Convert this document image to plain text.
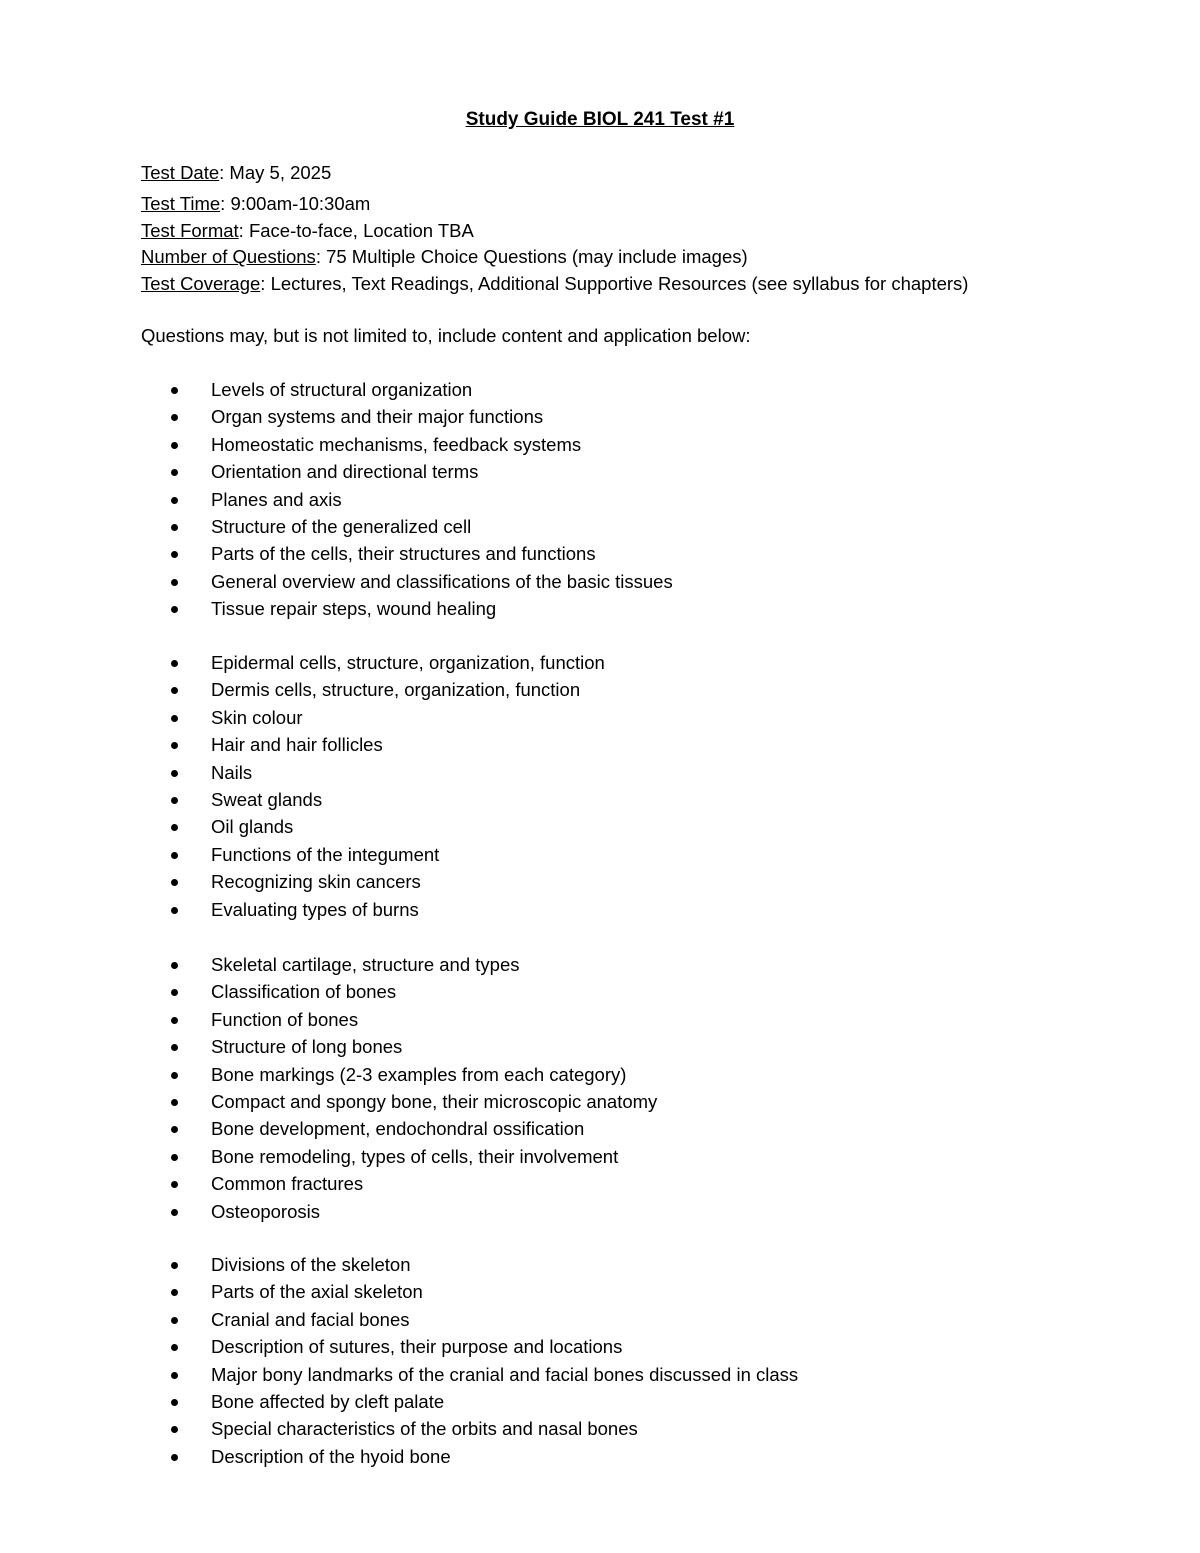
Study Guide BIOL 241 Test #1
Test Date: May 5, 2025
Test Time: 9:00am-10:30am
Test Format: Face-to-face, Location TBA
Number of Questions: 75 Multiple Choice Questions (may include images)
Test Coverage: Lectures, Text Readings, Additional Supportive Resources (see syllabus for chapters)
Questions may, but is not limited to, include content and application below:
Levels of structural organization
Organ systems and their major functions
Homeostatic mechanisms, feedback systems
Orientation and directional terms
Planes and axis
Structure of the generalized cell
Parts of the cells, their structures and functions
General overview and classifications of the basic tissues
Tissue repair steps, wound healing
Epidermal cells, structure, organization, function
Dermis cells, structure, organization, function
Skin colour
Hair and hair follicles
Nails
Sweat glands
Oil glands
Functions of the integument
Recognizing skin cancers
Evaluating types of burns
Skeletal cartilage, structure and types
Classification of bones
Function of bones
Structure of long bones
Bone markings (2-3 examples from each category)
Compact and spongy bone, their microscopic anatomy
Bone development, endochondral ossification
Bone remodeling, types of cells, their involvement
Common fractures
Osteoporosis
Divisions of the skeleton
Parts of the axial skeleton
Cranial and facial bones
Description of sutures, their purpose and locations
Major bony landmarks of the cranial and facial bones discussed in class
Bone affected by cleft palate
Special characteristics of the orbits and nasal bones
Description of the hyoid bone
